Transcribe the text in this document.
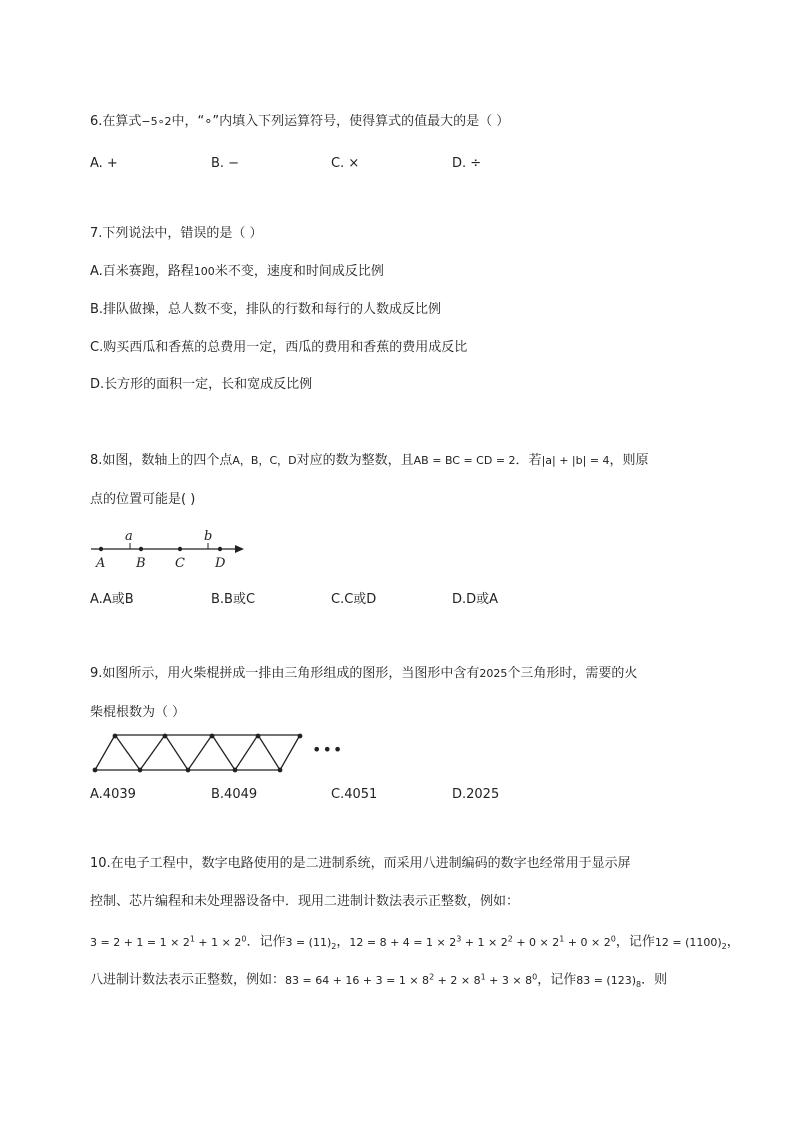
6.在算式−5∘2中，“∘”内填入下列运算符号，使得算式的值最大的是（ ）
A. +	B. −	C. ×	D. ÷
7.下列说法中，错误的是（ ）
A.百米赛跑，路程100米不变，速度和时间成反比例
B.排队做操，总人数不变，排队的行数和每行的人数成反比例
C.购买西瓜和香蕉的总费用一定，西瓜的费用和香蕉的费用成反比
D.长方形的面积一定，长和宽成反比例
8.如图，数轴上的四个点A，B，C，D对应的数为整数，且AB = BC = CD = 2．若|a| + |b| = 4，则原
点的位置可能是( )
a	b
A B C D
A.A或B	B.B或C	C.C或D	D.D或A
9.如图所示，用火柴棍拼成一排由三角形组成的图形，当图形中含有2025个三角形时，需要的火
柴棍根数为（ ）
•••
A.4039	B.4049	C.4051	D.2025
10.在电子工程中，数字电路使用的是二进制系统，而采用八进制编码的数字也经常用于显示屏
控制、芯片编程和未处理器设备中．现用二进制计数法表示正整数，例如：
$3 = 2 + 1 = 1 \times 2^1 + 1 \times 2^0$．记作$3 = (11)_2$，$12 = 8 + 4 = 1 \times 2^3 + 1 \times 2^2 + 0 \times 2^1 + 0 \times 2^0$，记作$12 = (1100)_2$，
八进制计数法表示正整数，例如：$83 = 64 + 16 + 3 = 1 \times 8^2 + 2 \times 8^1 + 3 \times 8^0$，记作$83 = (123)_8$．则
